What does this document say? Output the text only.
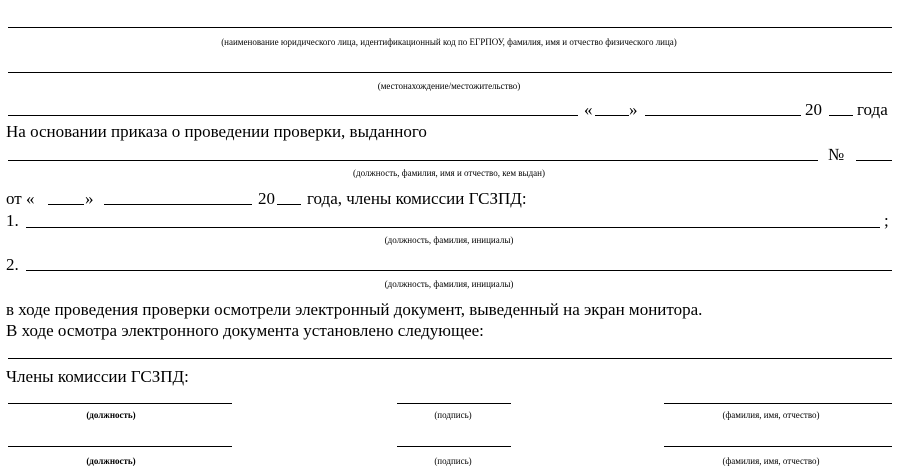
(наименование юридического лица, идентификационный код по ЕГРПОУ, фамилия, имя и отчество физического лица)
(местонахождение/местожительство)
« »	20 года
На основании приказа о проведении проверки, выданного
№
(должность, фамилия, имя и отчество, кем выдан)
от «	»	20 года, члены комиссии ГСЗПД:
1.	;
(должность, фамилия, инициалы)
2.
(должность, фамилия, инициалы)
в ходе проведения проверки осмотрели электронный документ, выведенный на экран монитора.
В ходе осмотра электронного документа установлено следующее:
Члены комиссии ГСЗПД:
(должность)	(подпись)	(фамилия, имя, отчество)
(должность)	(подпись)	(фамилия, имя, отчество)
